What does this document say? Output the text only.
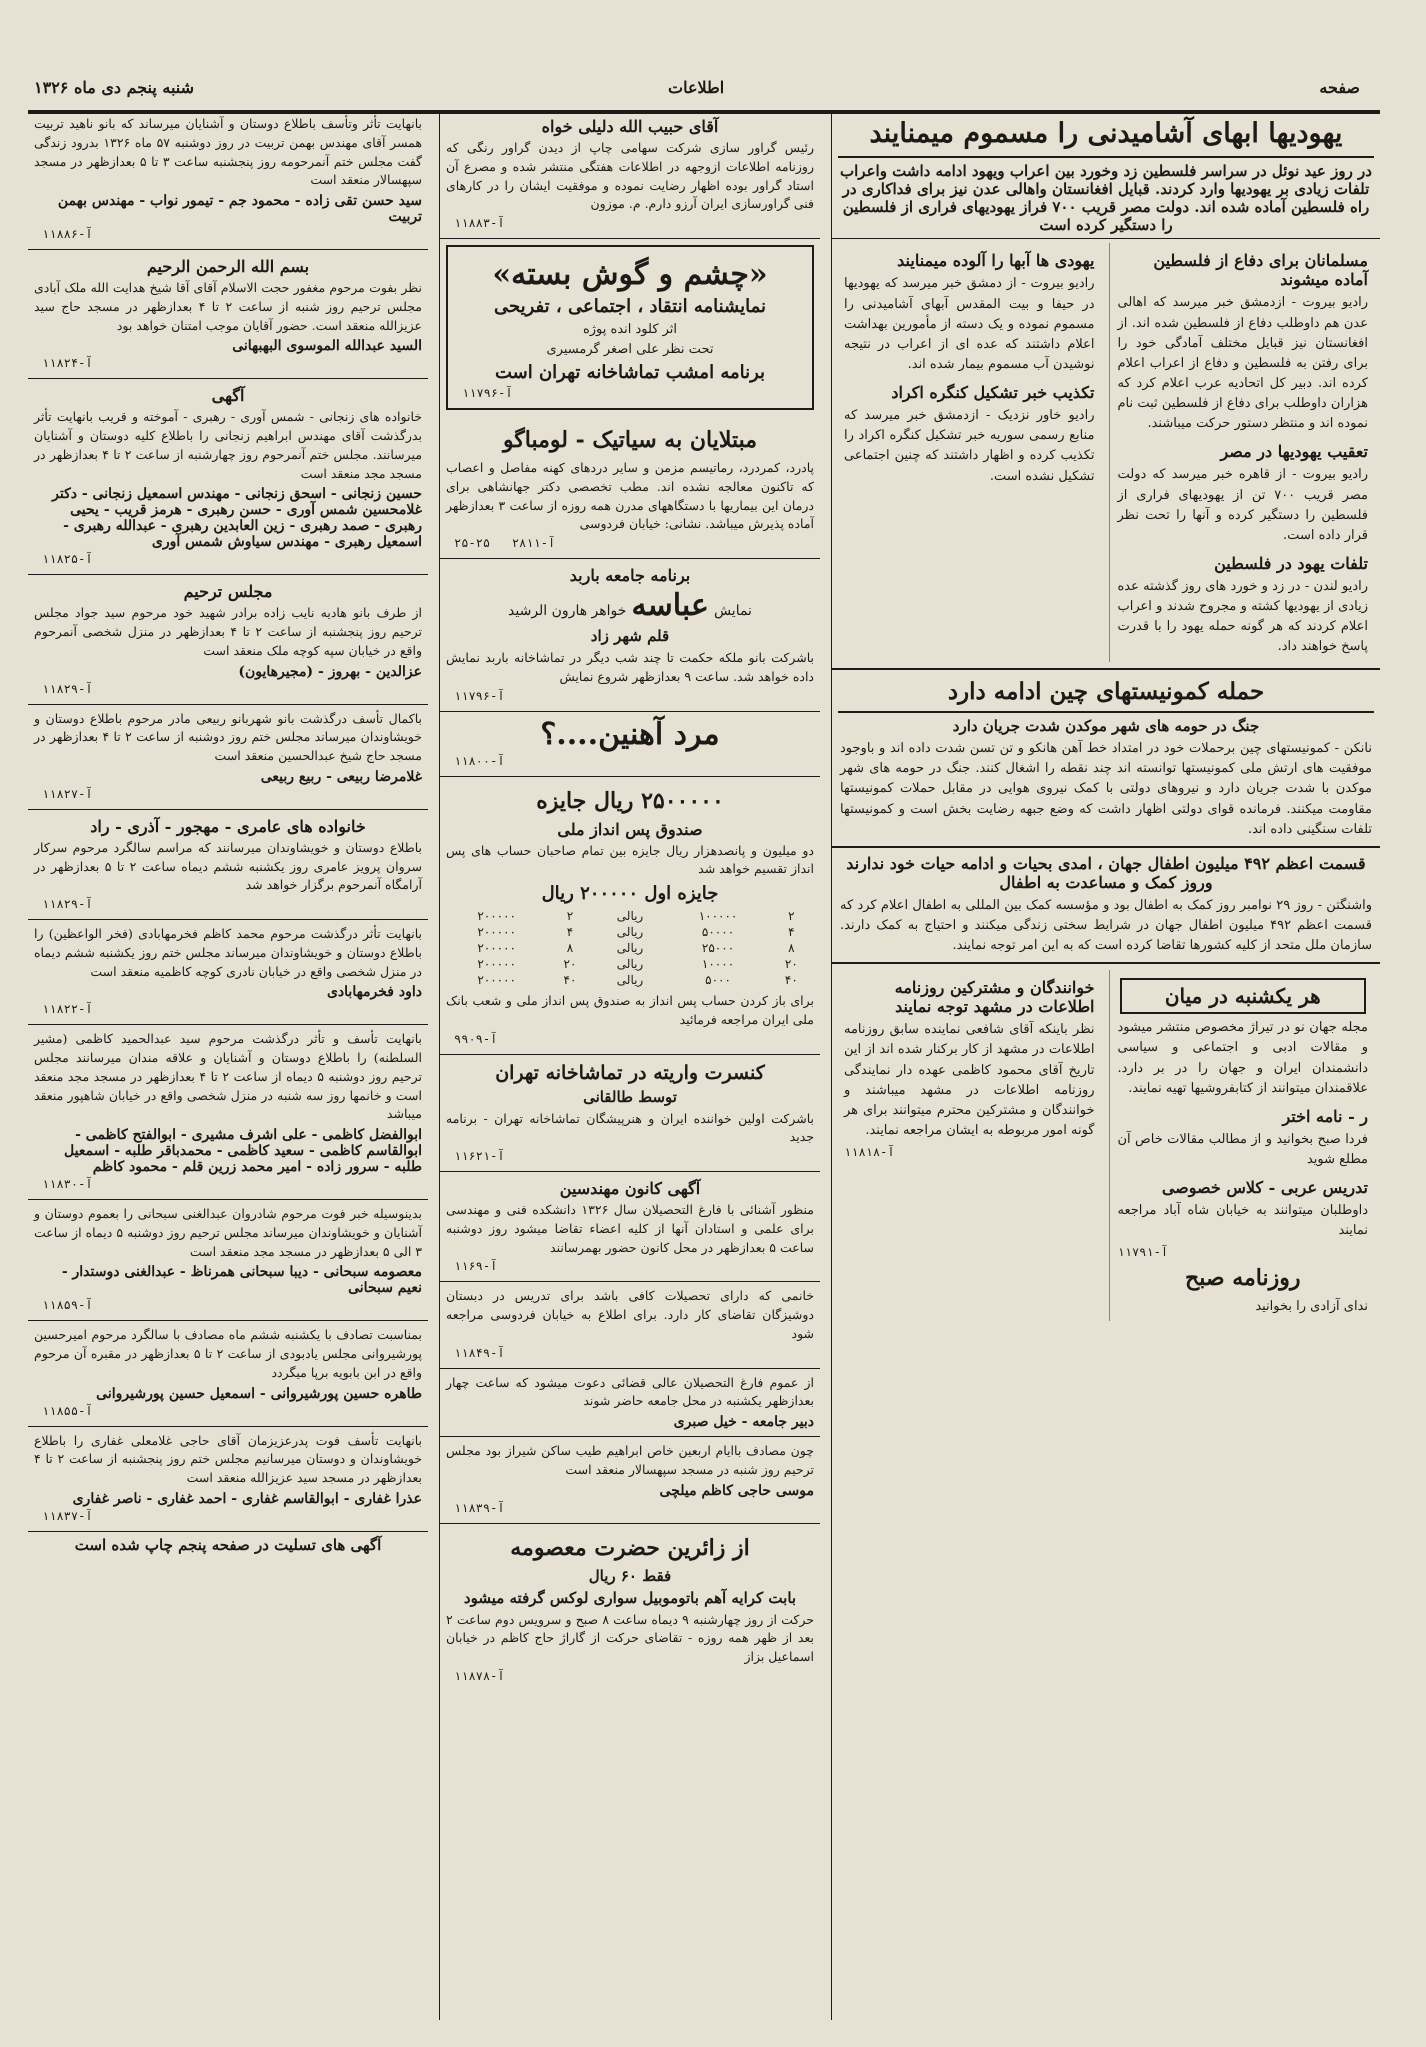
صفحه
اطلاعات
شنبه پنجم دی ماه ۱۳۲۶
یهودیها ابهای آشامیدنی را مسموم میمنایند
در روز عید نوئل در سراسر فلسطین زد وخورد بین اعراب ویهود ادامه داشت واعراب تلفات زیادی بر یهودیها وارد کردند. قبایل افغانستان واهالی عدن نیز برای فداکاری در راه فلسطین آماده شده اند. دولت مصر قریب ۷۰۰ فراز یهودیهای فراری از فلسطین را دستگیر کرده است
مسلمانان برای دفاع از فلسطین آماده میشوند
رادیو بیروت - ازدمشق خبر میرسد که اهالی عدن هم داوطلب دفاع از فلسطین شده اند. از افغانستان نیز قبایل مختلف آمادگی خود را برای رفتن به فلسطین و دفاع از اعراب اعلام کرده اند. دبیر کل اتحادیه عرب اعلام کرد که هزاران داوطلب برای دفاع از فلسطین ثبت نام نموده اند و منتظر دستور حرکت میباشند.
تعقیب یهودیها در مصر
رادیو بیروت - از قاهره خبر میرسد که دولت مصر قریب ۷۰۰ تن از یهودیهای فراری از فلسطین را دستگیر کرده و آنها را تحت نظر قرار داده است.
تلفات یهود در فلسطین
رادیو لندن - در زد و خورد های روز گذشته عده زیادی از یهودیها کشته و مجروح شدند و اعراب اعلام کردند که هر گونه حمله یهود را با قدرت پاسخ خواهند داد.
یهودی ها آبها را آلوده میمنایند
رادیو بیروت - از دمشق خبر میرسد که یهودیها در حیفا و بیت المقدس آبهای آشامیدنی را مسموم نموده و یک دسته از مأمورین بهداشت اعلام داشتند که عده ای از اعراب در نتیجه نوشیدن آب مسموم بیمار شده اند.
تکذیب خبر تشکیل کنگره اکراد
رادیو خاور نزدیک - ازدمشق خبر میرسد که منابع رسمی سوریه خبر تشکیل کنگره اکراد را تکذیب کرده و اظهار داشتند که چنین اجتماعی تشکیل نشده است.
حمله کمونیستهای چین ادامه دارد
جنگ در حومه های شهر موکدن شدت جریان دارد
نانکن - کمونیستهای چین برحملات خود در امتداد خط آهن هانکو و تن تسن شدت داده اند و باوجود موفقیت های ارتش ملی کمونیستها توانسته اند چند نقطه را اشغال کنند. جنگ در حومه های شهر موکدن با شدت جریان دارد و نیروهای دولتی با کمک نیروی هوایی در مقابل حملات کمونیستها مقاومت میکنند. فرمانده قوای دولتی اظهار داشت که وضع جبهه رضایت بخش است و کمونیستها تلفات سنگینی داده اند.
قسمت اعظم ۴۹۲ میلیون اطفال جهان ، امدی بحیات و ادامه حیات خود ندارند وروز کمک و مساعدت به اطفال
واشنگتن - روز ۲۹ نوامبر روز کمک به اطفال بود و مؤسسه کمک بین المللی به اطفال اعلام کرد که قسمت اعظم ۴۹۲ میلیون اطفال جهان در شرایط سختی زندگی میکنند و احتیاج به کمک دارند. سازمان ملل متحد از کلیه کشورها تقاضا کرده است که به این امر توجه نمایند.
هر یکشنبه در میان
مجله جهان نو در تیراژ مخصوص منتشر میشود و مقالات ادبی و اجتماعی و سیاسی دانشمندان ایران و جهان را در بر دارد. علاقمندان میتوانند از کتابفروشیها تهیه نمایند.
ر - نامه اختر
فردا صبح بخوانید و از مطالب مقالات خاص آن مطلع شوید
تدریس عربی - کلاس خصوصی
داوطلبان میتوانند به خیابان شاه آباد مراجعه نمایند
آ-۱۱۷۹۱
روزنامه صبح
ندای آزادی را بخوانید
خوانندگان و مشترکین روزنامه اطلاعات در مشهد توجه نمایند
نظر باینکه آقای شافعی نماینده سابق روزنامه اطلاعات در مشهد از کار برکنار شده اند از این تاریخ آقای محمود کاظمی عهده دار نمایندگی روزنامه اطلاعات در مشهد میباشند و خوانندگان و مشترکین محترم میتوانند برای هر گونه امور مربوطه به ایشان مراجعه نمایند.
آ-۱۱۸۱۸
آقای حبیب الله دلیلی خواه

رئیس گراور سازی شرکت سهامی چاپ از دیدن گراور رنگی که روزنامه اطلاعات ازوجهه در اطلاعات هفتگی منتشر شده و مصرع آن استاد گراور بوده اظهار رضایت نموده و موفقیت ایشان را در کارهای فنی گراورسازی ایران آرزو دارم. م. موزون

آ-۱۱۸۸۳
«چشم و گوش بسته»
نمایشنامه انتقاد ، اجتماعی ، تفریحی
اثر کلود انده پوژه
تحت نظر علی اصغر گرمسیری
برنامه امشب تماشاخانه تهران است
آ-۱۱۷۹۶
مبتلایان به سیاتیک - لومباگو

پادرد، کمردرد، رماتیسم مزمن و سایر دردهای کهنه مفاصل و اعصاب که تاکنون معالجه نشده اند. مطب تخصصی دکتر جهانشاهی برای درمان این بیماریها با دستگاههای مدرن همه روزه از ساعت ۳ بعدازظهر آماده پذیرش میباشد. نشانی: خیابان فردوسی

آ-۲۸۱۱   ۲۵-۲۵
برنامه جامعه باربد
نمایش عباسه خواهر هارون الرشید
قلم شهر زاد

باشرکت بانو ملکه حکمت تا چند شب دیگر در تماشاخانه باربد نمایش داده خواهد شد. ساعت ۹ بعدازظهر شروع نمایش

آ-۱۱۷۹۶
مرد آهنین....؟
آ-۱۱۸۰۰
۲۵۰۰۰۰۰ ریال جایزه
صندوق پس انداز ملی

دو میلیون و پانصدهزار ریال جایزه بین تمام صاحبان حساب های پس انداز تقسیم خواهد شد

جایزه اول ۲۰۰۰۰۰ ریال
۲	۱۰۰۰۰۰	ریالی	۲	۲۰۰۰۰۰
۴	۵۰۰۰۰	ریالی	۴	۲۰۰۰۰۰
۸	۲۵۰۰۰	ریالی	۸	۲۰۰۰۰۰
۲۰	۱۰۰۰۰	ریالی	۲۰	۲۰۰۰۰۰
۴۰	۵۰۰۰	ریالی	۴۰	۲۰۰۰۰۰

برای باز کردن حساب پس انداز به صندوق پس انداز ملی و شعب بانک ملی ایران مراجعه فرمائید

آ-۹۹۰۹
کنسرت واریته در تماشاخانه تهران
توسط طالقانی

باشرکت اولین خواننده ایران و هنرپیشگان تماشاخانه تهران - برنامه جدید

آ-۱۱۶۲۱
آگهی کانون مهندسین

منظور آشنائی با فارغ التحصیلان سال ۱۳۲۶ دانشکده فنی و مهندسی برای علمی و استادان آنها از کلیه اعضاء تقاضا میشود روز دوشنبه ساعت ۵ بعدازظهر در محل کانون حضور بهمرسانند

آ-۱۱۶۹

خانمی که دارای تحصیلات کافی باشد برای تدریس در دبستان دوشیزگان تقاضای کار دارد. برای اطلاع به خیابان فردوسی مراجعه شود

آ-۱۱۸۴۹

از عموم فارغ التحصیلان عالی قضائی دعوت میشود که ساعت چهار بعدازظهر یکشنبه در محل جامعه حاضر شوند

دبیر جامعه - خیل صبری

چون مصادف باایام اربعین خاص ابراهیم طیب ساکن شیراز بود مجلس ترحیم روز شنبه در مسجد سپهسالار منعقد است

موسی حاجی کاظم میلچی
آ-۱۱۸۳۹
از زائرین حضرت معصومه
فقط ۶۰ ریال
بابت کرایه آهم باتوموبیل سواری لوکس گرفته میشود

حرکت از روز چهارشنبه ۹ دیماه ساعت ۸ صبح و سرویس دوم ساعت ۲ بعد از ظهر همه روزه - تقاضای حرکت از گاراژ حاج کاظم در خیابان اسماعیل بزاز

آ-۱۱۸۷۸

بانهایت تأثر وتأسف باطلاع دوستان و آشنایان میرساند که بانو ناهید تربیت همسر آقای مهندس بهمن تربیت در روز دوشنبه ۵۷ ماه ۱۳۲۶ بدرود زندگی گفت مجلس ختم آنمرحومه روز پنجشنبه ساعت ۳ تا ۵ بعدازظهر در مسجد سپهسالار منعقد است

سید حسن تقی زاده - محمود جم - تیمور نواب - مهندس بهمن تربیت
آ-۱۱۸۸۶
بسم الله الرحمن الرحیم

نظر بفوت مرحوم مغفور حجت الاسلام آقای آقا شیخ هدایت الله ملک آبادی مجلس ترحیم روز شنبه از ساعت ۲ تا ۴ بعدازظهر در مسجد حاج سید عزیزالله منعقد است. حضور آقایان موجب امتنان خواهد بود

السید عبدالله الموسوی البهبهانی
آ-۱۱۸۲۴
آگهی

خانواده های زنجانی - شمس آوری - رهبری - آموخته و قریب بانهایت تأثر بدرگذشت آقای مهندس ابراهیم زنجانی را باطلاع کلیه دوستان و آشنایان میرسانند. مجلس ختم آنمرحوم روز چهارشنبه از ساعت ۲ تا ۴ بعدازظهر در مسجد مجد منعقد است

حسین زنجانی - اسحق زنجانی - مهندس اسمعیل زنجانی - دکتر غلامحسین شمس آوری - حسن رهبری - هرمز قریب - یحیی رهبری - صمد رهبری - زین العابدین رهبری - عبدالله رهبری - اسمعیل رهبری - مهندس سیاوش شمس آوری
آ-۱۱۸۲۵
مجلس ترحیم

از طرف بانو هادیه نایب زاده برادر شهید خود مرحوم سید جواد مجلس ترحیم روز پنجشنبه از ساعت ۲ تا ۴ بعدازظهر در منزل شخصی آنمرحوم واقع در خیابان سپه کوچه ملک منعقد است

عزالدین - بهروز - (مجیرهایون)
آ-۱۱۸۲۹

باکمال تأسف درگذشت بانو شهربانو ربیعی مادر مرحوم باطلاع دوستان و خویشاوندان میرساند مجلس ختم روز دوشنبه از ساعت ۲ تا ۴ بعدازظهر در مسجد حاج شیخ عبدالحسین منعقد است

غلامرضا ربیعی - ربیع ربیعی
آ-۱۱۸۲۷
خانواده های عامری - مهجور - آذری - راد

باطلاع دوستان و خویشاوندان میرسانند که مراسم سالگرد مرحوم سرکار سروان پرویز عامری روز یکشنبه ششم دیماه ساعت ۲ تا ۵ بعدازظهر در آرامگاه آنمرحوم برگزار خواهد شد

آ-۱۱۸۲۹

بانهایت تأثر درگذشت مرحوم محمد کاظم فخرمهابادی (فخر الواعظین) را باطلاع دوستان و خویشاوندان میرساند مجلس ختم روز یکشنبه ششم دیماه در منزل شخصی واقع در خیابان نادری کوچه کاظمیه منعقد است

داود فخرمهابادی
آ-۱۱۸۲۲

بانهایت تأسف و تأثر درگذشت مرحوم سید عبدالحمید کاظمی (مشیر السلطنه) را باطلاع دوستان و آشنایان و علاقه مندان میرسانند مجلس ترحیم روز دوشنبه ۵ دیماه از ساعت ۲ تا ۴ بعدازظهر در مسجد مجد منعقد است و خانمها روز سه شنبه در منزل شخصی واقع در خیابان شاهپور منعقد میباشد

ابوالفضل کاظمی - علی اشرف مشیری - ابوالفتح کاظمی - ابوالقاسم کاظمی - سعید کاظمی - محمدباقر طلبه - اسمعیل طلبه - سرور زاده - امیر محمد زرین قلم - محمود کاظم
آ-۱۱۸۳۰

بدینوسیله خبر فوت مرحوم شادروان عبدالغنی سبحانی را بعموم دوستان و آشنایان و خویشاوندان میرساند مجلس ترحیم روز دوشنبه ۵ دیماه از ساعت ۳ الی ۵ بعدازظهر در مسجد مجد منعقد است

معصومه سبحانی - دیبا سبحانی همرناظ - عبدالغنی دوستدار - نعیم سبحانی
آ-۱۱۸۵۹

بمناسبت تصادف با یکشنبه ششم ماه مصادف با سالگرد مرحوم امیرحسین پورشیروانی مجلس یادبودی از ساعت ۲ تا ۵ بعدازظهر در مقبره آن مرحوم واقع در ابن بابویه برپا میگردد

طاهره حسین پورشیروانی - اسمعیل حسین پورشیروانی
آ-۱۱۸۵۵

بانهایت تأسف فوت پدرعزیزمان آقای حاجی غلامعلی غفاری را باطلاع خویشاوندان و دوستان میرسانیم مجلس ختم روز پنجشنبه از ساعت ۲ تا ۴ بعدازظهر در مسجد سید عزیزالله منعقد است

عذرا غفاری - ابوالقاسم غفاری - احمد غفاری - ناصر غفاری
آ-۱۱۸۳۷
آگهی های تسلیت در صفحه پنجم چاپ شده است
